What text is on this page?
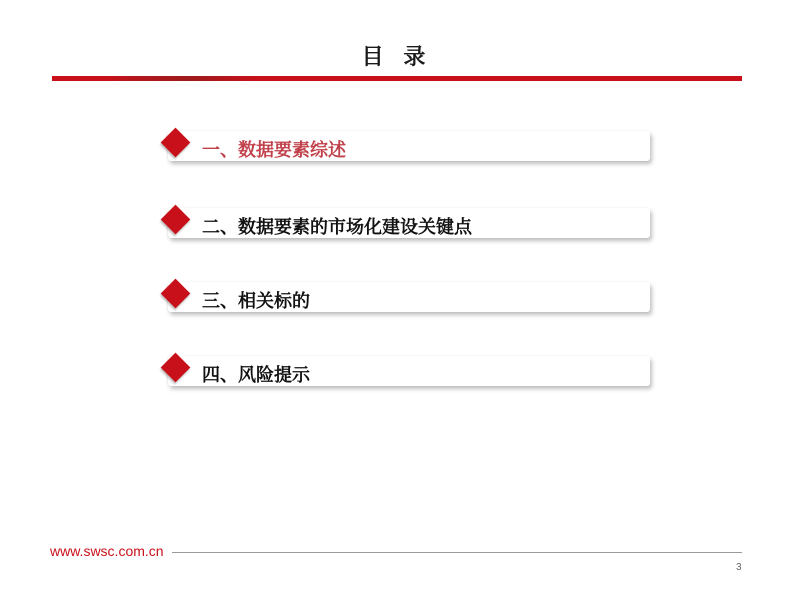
目 录
一、数据要素综述
二、数据要素的市场化建设关键点
三、相关标的
四、风险提示
www.swsc.com.cn
3
